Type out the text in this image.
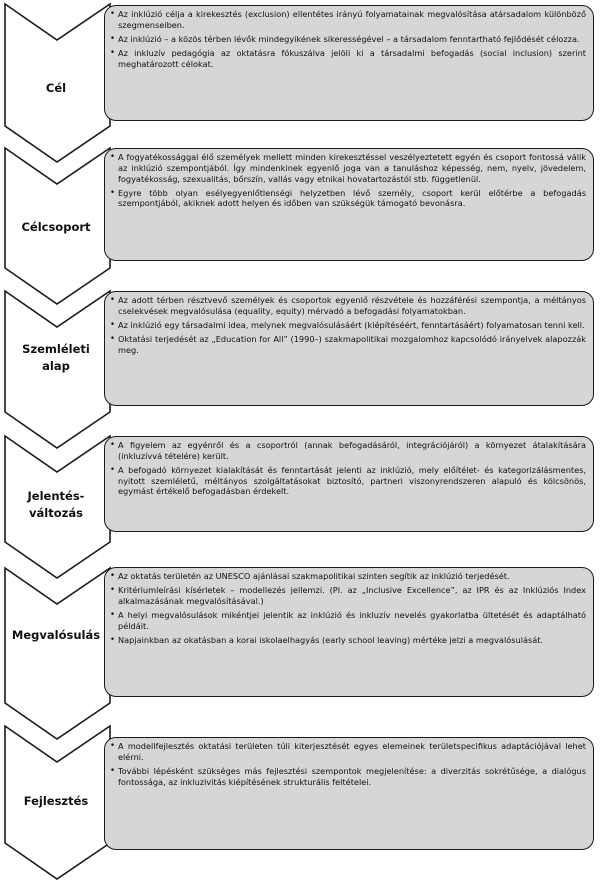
Cél
• Az inklúzió célja a kirekesztés (exclusion) ellentétes irányú folyamatainak megvalósítása atársadalom különböző szegmenseiben.
• Az inklúzió – a közös térben lévők mindegyikének sikerességével – a társadalom fenntartható fejlődését célozza.
• Az inkluzív pedagógia az oktatásra fókuszálva jelöli ki a társadalmi befogadás (social inclusion) szerint meghatározott célokat.
Célcsoport
• A fogyatékossággal élő személyek mellett minden kirekesztéssel veszélyeztetett egyén és csoport fontossá válik az inklúzió szempontjából. Így mindenkinek egyenlő joga van a tanuláshoz képesség, nem, nyelv, jövedelem, fogyatékosság, szexualitás, bőrszín, vallás vagy etnikai hovatartozástól stb. függetlenül.
• Egyre több olyan esélyegyenlőtlenségi helyzetben lévő személy, csoport kerül előtérbe a befogadás szempontjából, akiknek adott helyen és időben van szükségük támogató bevonásra.
Szemléleti
alap
• Az adott térben résztvevő személyek és csoportok egyenlő részvétele és hozzáférési szempontja, a méltányos cselekvések megvalósulása (equality, equity) mérvadó a befogadási folyamatokban.
• Az inklúzió egy társadalmi idea, melynek megvalósulásáért (kiépítéséért, fenntartásáért) folyamatosan tenni kell.
• Oktatási terjedését az „Education for All” (1990–) szakmapolitikai mozgalomhoz kapcsolódó irányelvek alapozzák meg.
Jelentés-
változás
• A figyelem az egyénről és a csoportról (annak befogadásáról, integrációjáról) a környezet átalakítására (inkluzívvá tételére) került.
• A befogadó környezet kialakítását és fenntartását jelenti az inklúzió, mely előítélet- és kategorizálásmentes, nyitott szemléletű, méltányos szolgáltatásokat biztosító, partneri viszonyrendszeren alapuló és kölcsönös, egymást értékelő befogadásban érdekelt.
Megvalósulás
• Az oktatás területén az UNESCO ajánlásai szakmapolitikai szinten segítik az inklúzió terjedését.
• Kritériumleírási kísérletek – modellezés jellemzi. (Pl. az „Inclusive Excellence”, az IPR és az Inklúziós Index alkalmazásának megvalósításával.)
• A helyi megvalósulások mikéntjei jelentik az inklúzió és inkluzív nevelés gyakorlatba ültetését és adaptálható példáit.
• Napjainkban az okatásban a korai iskolaelhagyás (early school leaving) mértéke jelzi a megvalósulását.
Fejlesztés
• A modellfejlesztés oktatási területen túli kiterjesztését egyes elemeinek területspecifikus adaptációjával lehet elérni.
• További lépésként szükséges más fejlesztési szempontok megjelenítése: a diverzitás sokrétűsége, a dialógus fontossága, az inkluzivitás kiépítésének strukturális feltételei.
